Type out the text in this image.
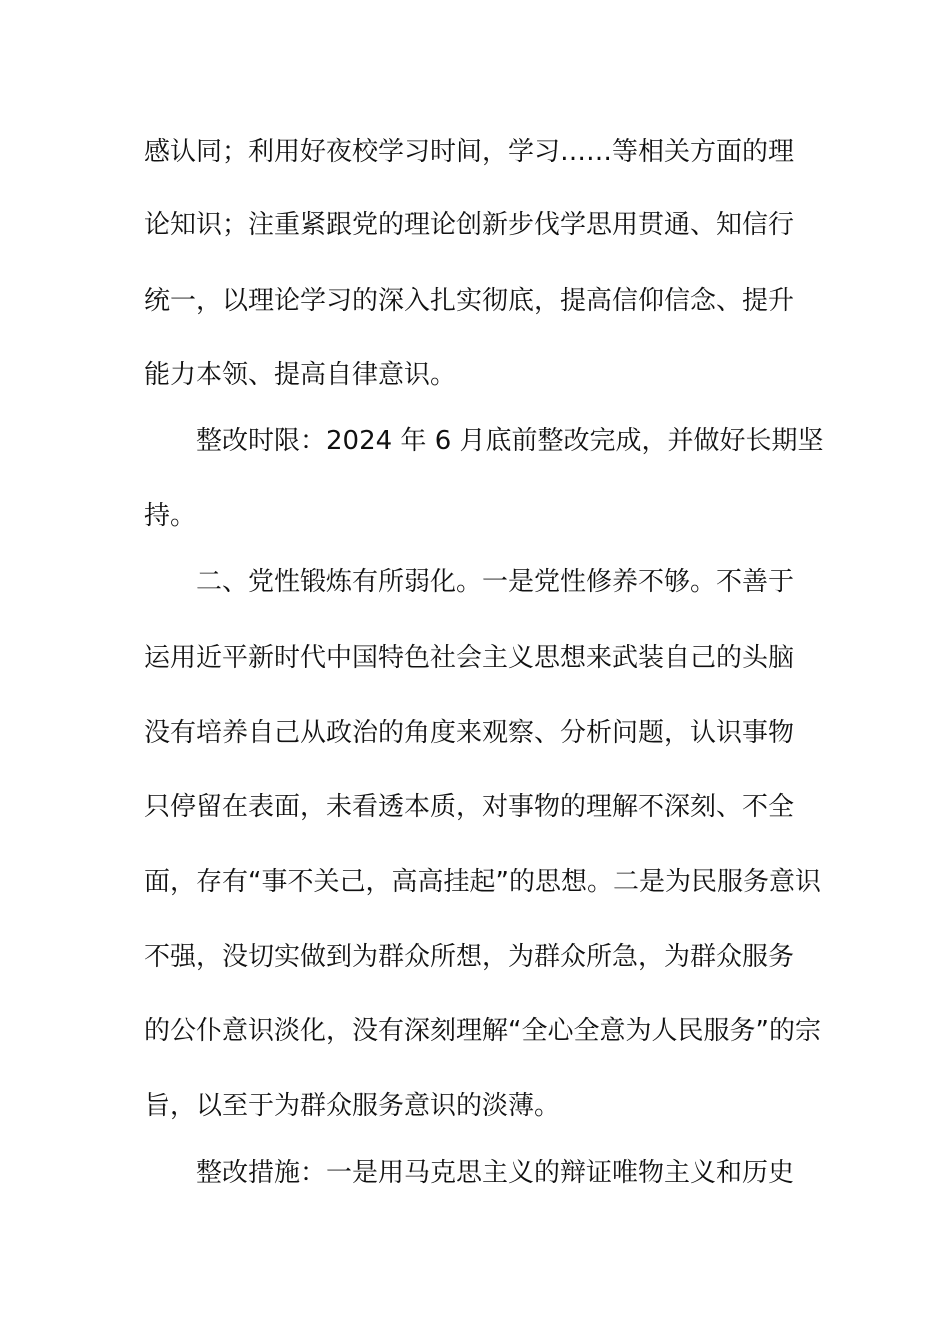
感认同；利用好夜校学习时间，学习……等相关方面的理
论知识；注重紧跟党的理论创新步伐学思用贯通、知信行
统一，以理论学习的深入扎实彻底，提高信仰信念、提升
能力本领、提高自律意识。
整改时限：2024 年 6 月底前整改完成，并做好长期坚
持。
二、党性锻炼有所弱化。一是党性修养不够。不善于
运用近平新时代中国特色社会主义思想来武装自己的头脑
没有培养自己从政治的角度来观察、分析问题，认识事物
只停留在表面，未看透本质，对事物的理解不深刻、不全
面，存有“事不关己，高高挂起”的思想。二是为民服务意识
不强，没切实做到为群众所想，为群众所急，为群众服务
的公仆意识淡化，没有深刻理解“全心全意为人民服务”的宗
旨，以至于为群众服务意识的淡薄。
整改措施：一是用马克思主义的辩证唯物主义和历史
